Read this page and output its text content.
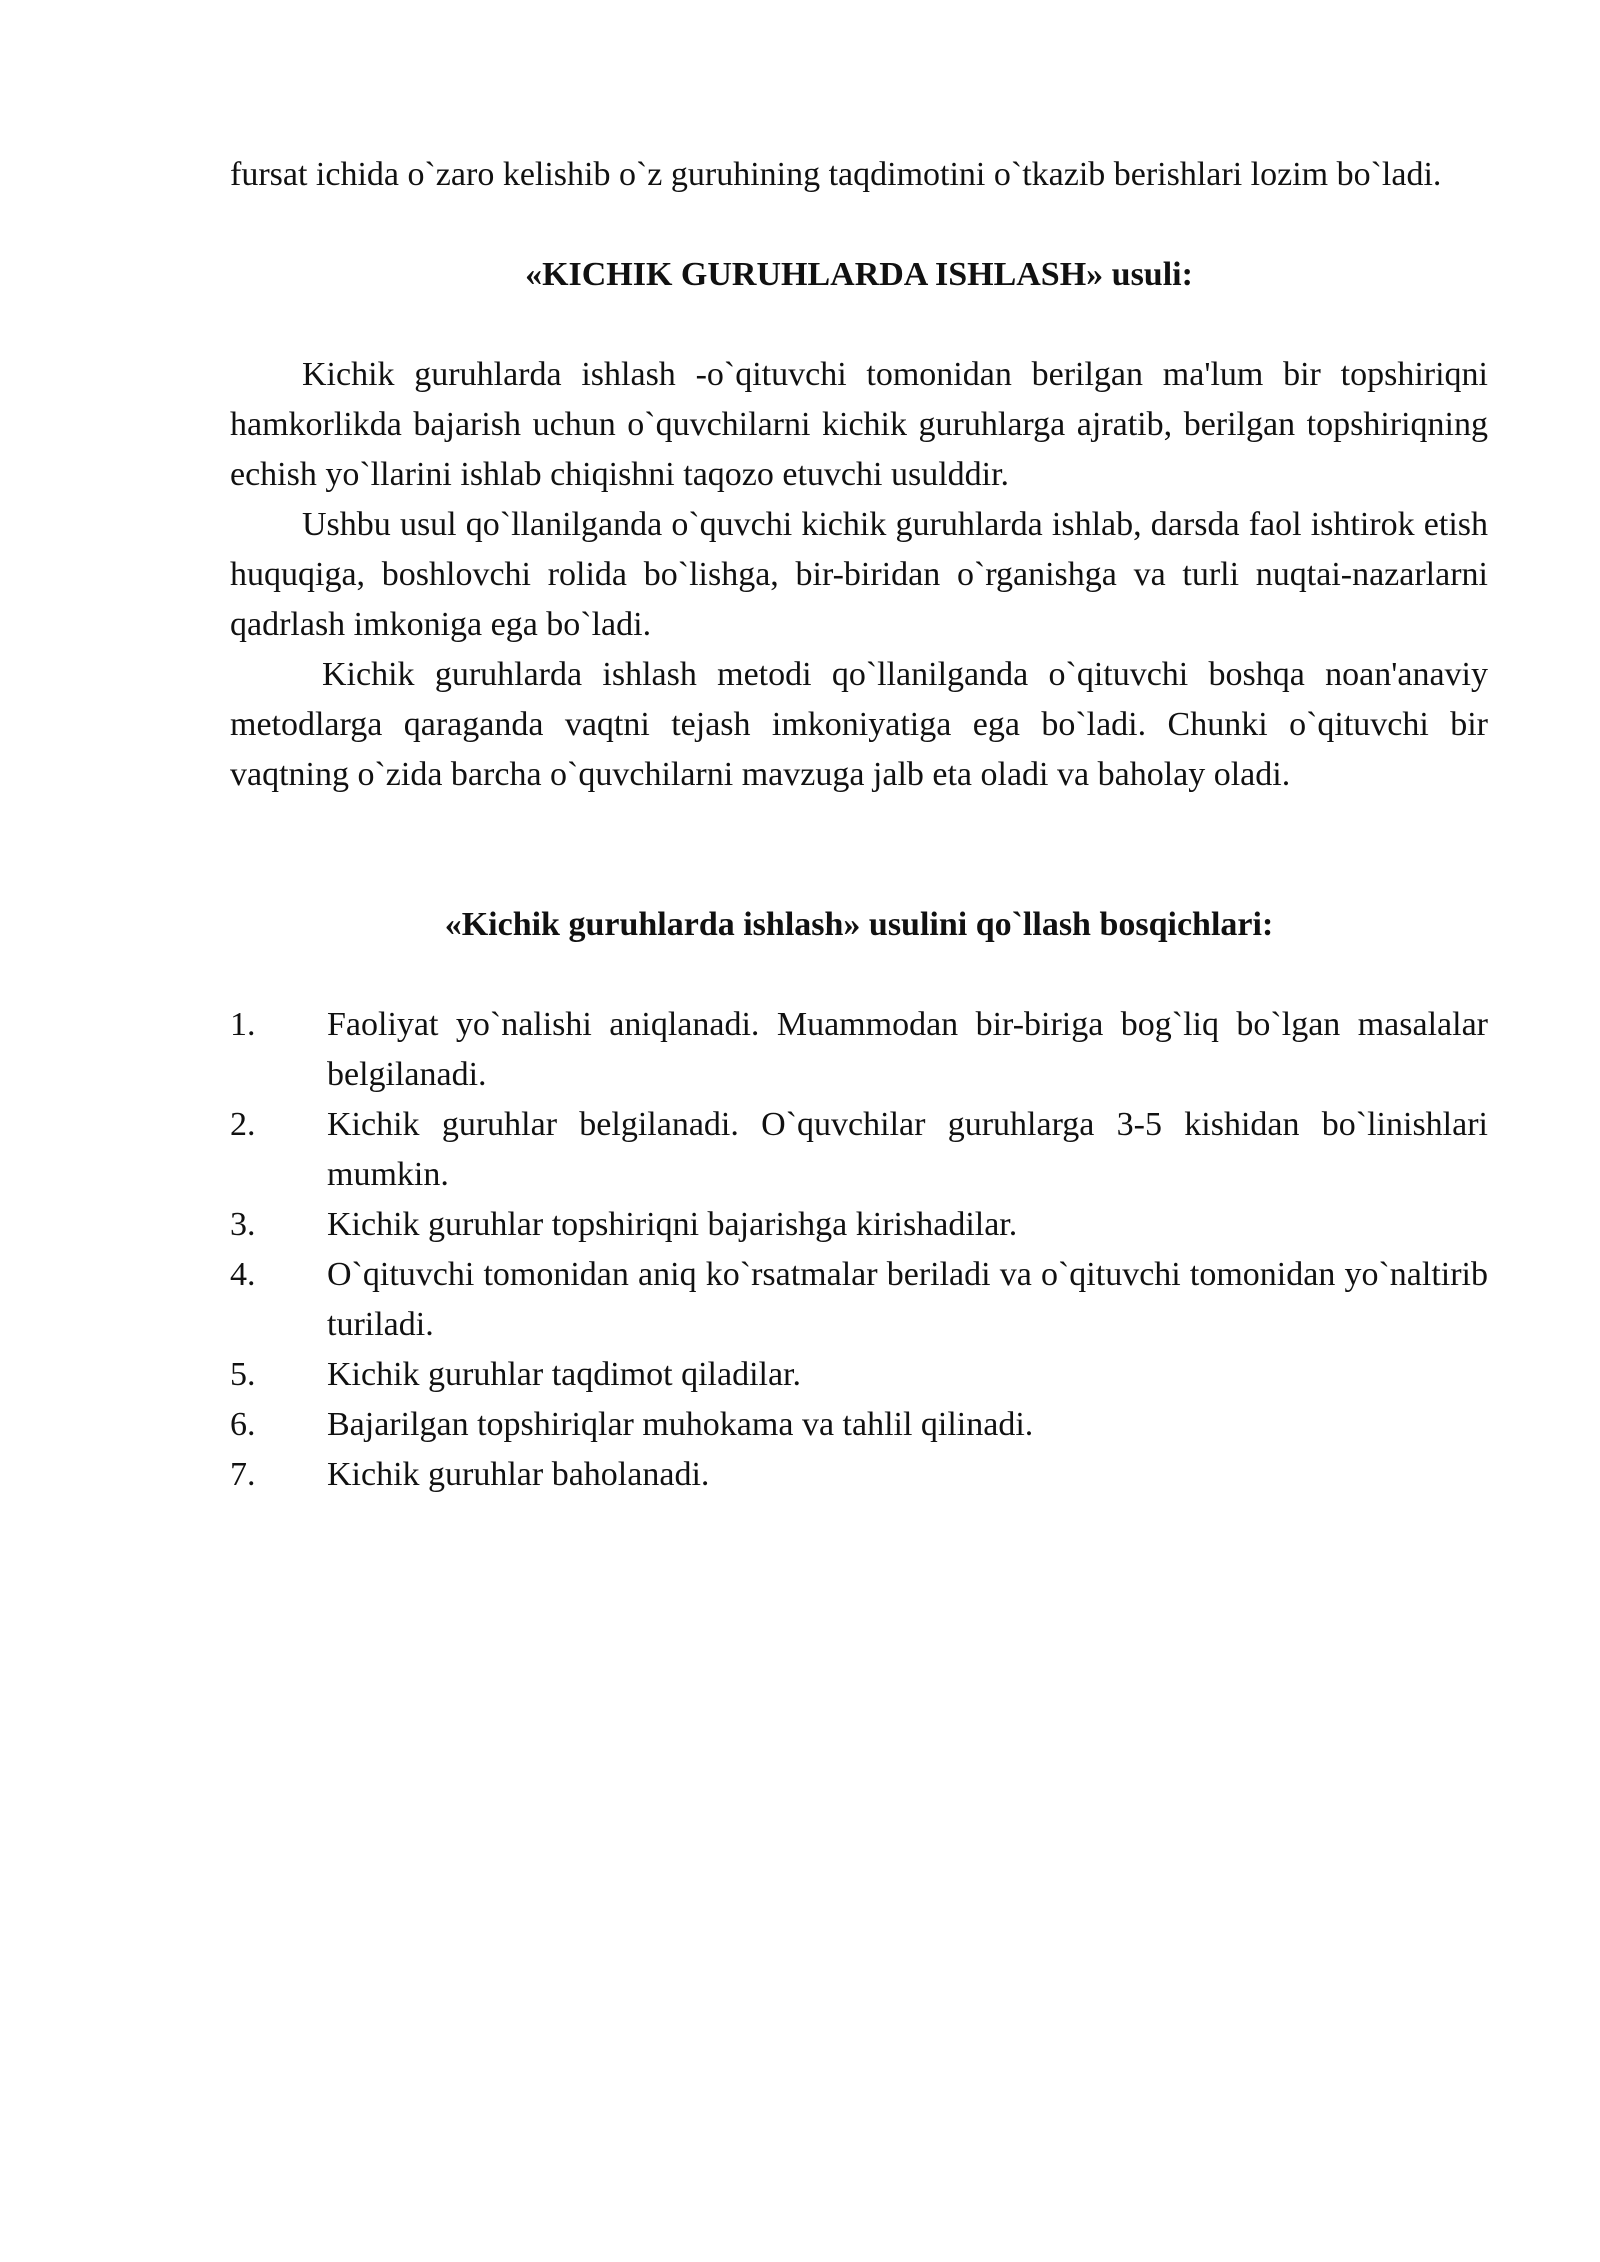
fursat ichida o`zaro kelishib o`z guruhining taqdimotini o`tkazib berishlari lozim bo`ladi.

«KICHIK GURUHLARDA ISHLASH» usuli:

Kichik guruhlarda ishlash -o`qituvchi tomonidan berilgan ma'lum bir topshiriqni hamkorlikda bajarish uchun o`quvchilarni kichik guruhlarga ajratib, berilgan topshiriqning echish yo`llarini ishlab chiqishni taqozo etuvchi usulddir.

Ushbu usul qo`llanilganda o`quvchi kichik guruhlarda ishlab, darsda faol ishtirok etish huquqiga, boshlovchi rolida bo`lishga, bir-biridan o`rganishga va turli nuqtai-nazarlarni qadrlash imkoniga ega bo`ladi.

Kichik guruhlarda ishlash metodi qo`llanilganda o`qituvchi boshqa noan'anaviy metodlarga qaraganda vaqtni tejash imkoniyatiga ega bo`ladi. Chunki o`qituvchi bir vaqtning o`zida barcha o`quvchilarni mavzuga jalb eta oladi va baholay oladi.

«Kichik guruhlarda ishlash» usulini qo`llash bosqichlari:

1.	Faoliyat yo`nalishi aniqlanadi. Muammodan bir-biriga bog`liq bo`lgan masalalar belgilanadi.
2.	Kichik guruhlar belgilanadi. O`quvchilar guruhlarga 3-5 kishidan bo`linishlari mumkin.
3.	Kichik guruhlar topshiriqni bajarishga kirishadilar.
4.	O`qituvchi tomonidan aniq ko`rsatmalar beriladi va o`qituvchi tomonidan yo`naltirib turiladi.
5.	Kichik guruhlar taqdimot qiladilar.
6.	Bajarilgan topshiriqlar muhokama va tahlil qilinadi.
7.	Kichik guruhlar baholanadi.
